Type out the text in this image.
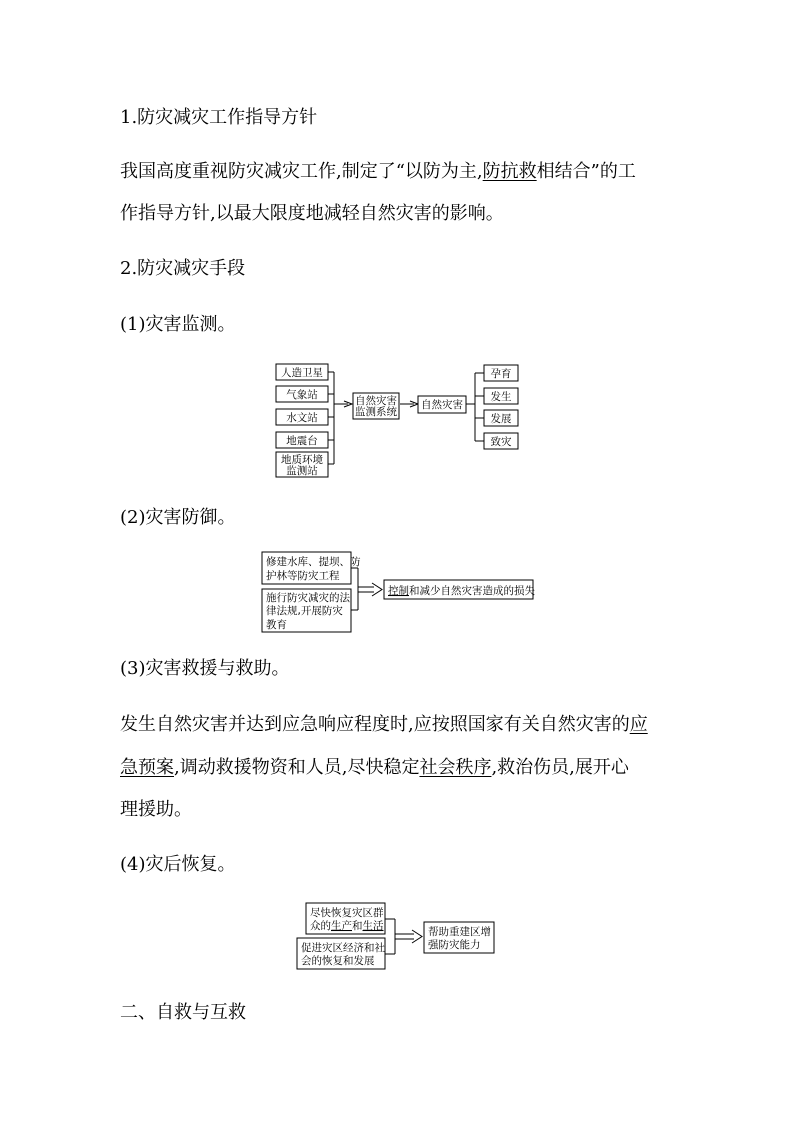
1.防灾减灾工作指导方针
我国高度重视防灾减灾工作,制定了“以防为主,防抗救相结合”的工
作指导方针,以最大限度地减轻自然灾害的影响。
2.防灾减灾手段
(1)灾害监测。
人造卫星
气象站
水文站
地震台
地质环境
监测站
自然灾害
监测系统
自然灾害
孕育
发生
发展
致灾
(2)灾害防御。
修建水库、提坝、防
护林等防灾工程
施行防灾减灾的法
律法规,开展防灾
教育
控制和减少自然灾害造成的损失
(3)灾害救援与救助。
发生自然灾害并达到应急响应程度时,应按照国家有关自然灾害的应
急预案,调动救援物资和人员,尽快稳定社会秩序,救治伤员,展开心
理援助。
(4)灾后恢复。
尽快恢复灾区群
众的生产和生活
促进灾区经济和社
会的恢复和发展
帮助重建区增
强防灾能力
二、自救与互救
